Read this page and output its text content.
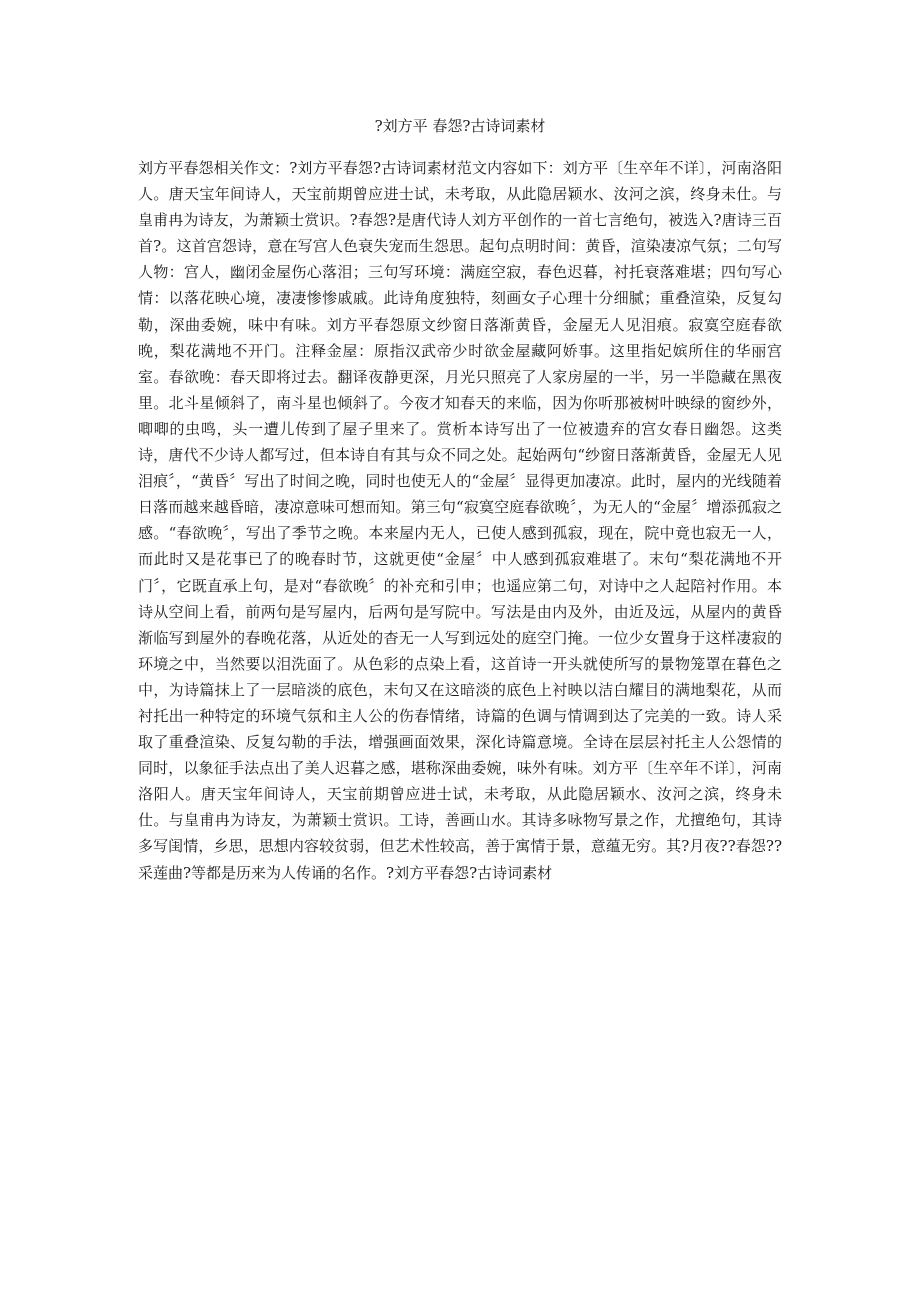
?刘方平 春怨?古诗词素材

刘方平春怨相关作文：?刘方平春怨?古诗词素材范文内容如下：刘方平〔生卒年不详〕，河南洛阳人。唐天宝年间诗人，天宝前期曾应进士试，未考取，从此隐居颖水、汝河之滨，终身未仕。与皇甫冉为诗友，为萧颖士赏识。?春怨?是唐代诗人刘方平创作的一首七言绝句，被选入?唐诗三百首?。这首宫怨诗，意在写宫人色衰失宠而生怨思。起句点明时间：黄昏，渲染凄凉气氛；二句写人物：宫人，幽闭金屋伤心落泪；三句写环境：满庭空寂，春色迟暮，衬托衰落难堪；四句写心情：以落花映心境，凄凄惨惨戚戚。此诗角度独特，刻画女子心理十分细腻；重叠渲染，反复勾勒，深曲委婉，味中有味。刘方平春怨原文纱窗日落渐黄昏，金屋无人见泪痕。寂寞空庭春欲晚，梨花满地不开门。注释金屋：原指汉武帝少时欲金屋藏阿娇事。这里指妃嫔所住的华丽宫室。春欲晚：春天即将过去。翻译夜静更深，月光只照亮了人家房屋的一半，另一半隐藏在黑夜里。北斗星倾斜了，南斗星也倾斜了。今夜才知春天的来临，因为你听那被树叶映绿的窗纱外，唧唧的虫鸣，头一遭儿传到了屋子里来了。赏析本诗写出了一位被遗弃的宫女春日幽怨。这类诗，唐代不少诗人都写过，但本诗自有其与众不同之处。起始两句“纱窗日落渐黄昏，金屋无人见泪痕〞，“黄昏〞写出了时间之晚，同时也使无人的“金屋〞显得更加凄凉。此时，屋内的光线随着日落而越来越昏暗，凄凉意味可想而知。第三句“寂寞空庭春欲晚〞，为无人的“金屋〞增添孤寂之感。“春欲晚〞，写出了季节之晚。本来屋内无人，已使人感到孤寂，现在，院中竟也寂无一人，而此时又是花事已了的晚春时节，这就更使“金屋〞中人感到孤寂难堪了。末句“梨花满地不开门〞，它既直承上句，是对“春欲晚〞的补充和引申；也遥应第二句，对诗中之人起陪衬作用。本诗从空间上看，前两句是写屋内，后两句是写院中。写法是由内及外，由近及远，从屋内的黄昏渐临写到屋外的春晚花落，从近处的杳无一人写到远处的庭空门掩。一位少女置身于这样凄寂的环境之中，当然要以泪洗面了。从色彩的点染上看，这首诗一开头就使所写的景物笼罩在暮色之中，为诗篇抹上了一层暗淡的底色，末句又在这暗淡的底色上衬映以洁白耀目的满地梨花，从而衬托出一种特定的环境气氛和主人公的伤春情绪，诗篇的色调与情调到达了完美的一致。诗人采取了重叠渲染、反复勾勒的手法，增强画面效果，深化诗篇意境。全诗在层层衬托主人公怨情的同时，以象征手法点出了美人迟暮之感，堪称深曲委婉，味外有味。刘方平〔生卒年不详〕，河南洛阳人。唐天宝年间诗人，天宝前期曾应进士试，未考取，从此隐居颖水、汝河之滨，终身未仕。与皇甫冉为诗友，为萧颖士赏识。工诗，善画山水。其诗多咏物写景之作，尤擅绝句，其诗多写闺情，乡思，思想内容较贫弱，但艺术性较高，善于寓情于景，意蕴无穷。其?月夜??春怨??采莲曲?等都是历来为人传诵的名作。?刘方平春怨?古诗词素材
